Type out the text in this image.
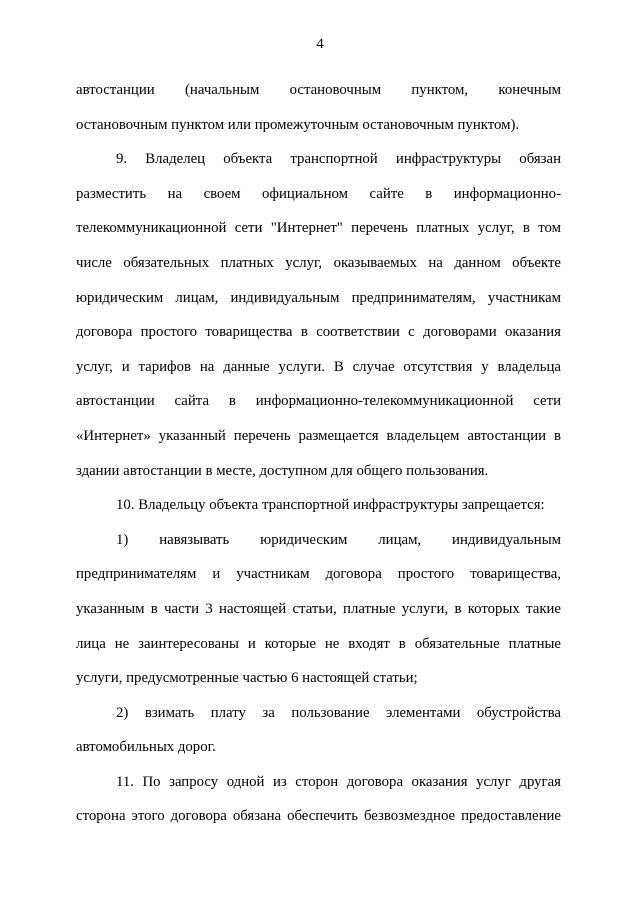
4

автостанции (начальным остановочным пунктом, конечным

остановочным пунктом или промежуточным остановочным пунктом).

9. Владелец объекта транспортной инфраструктуры обязан

разместить на своем официальном сайте в информационно-

телекоммуникационной сети "Интернет" перечень платных услуг, в том

числе обязательных платных услуг, оказываемых на данном объекте

юридическим лицам, индивидуальным предпринимателям, участникам

договора простого товарищества в соответствии с договорами оказания

услуг, и тарифов на данные услуги. В случае отсутствия у владельца

автостанции сайта в информационно-телекоммуникационной сети

«Интернет» указанный перечень размещается владельцем автостанции в

здании автостанции в месте, доступном для общего пользования.

10. Владельцу объекта транспортной инфраструктуры запрещается:

1) навязывать юридическим лицам, индивидуальным

предпринимателям и участникам договора простого товарищества,

указанным в части 3 настоящей статьи, платные услуги, в которых такие

лица не заинтересованы и которые не входят в обязательные платные

услуги, предусмотренные частью 6 настоящей статьи;

2) взимать плату за пользование элементами обустройства

автомобильных дорог.

11. По запросу одной из сторон договора оказания услуг другая

сторона этого договора обязана обеспечить безвозмездное предоставление
